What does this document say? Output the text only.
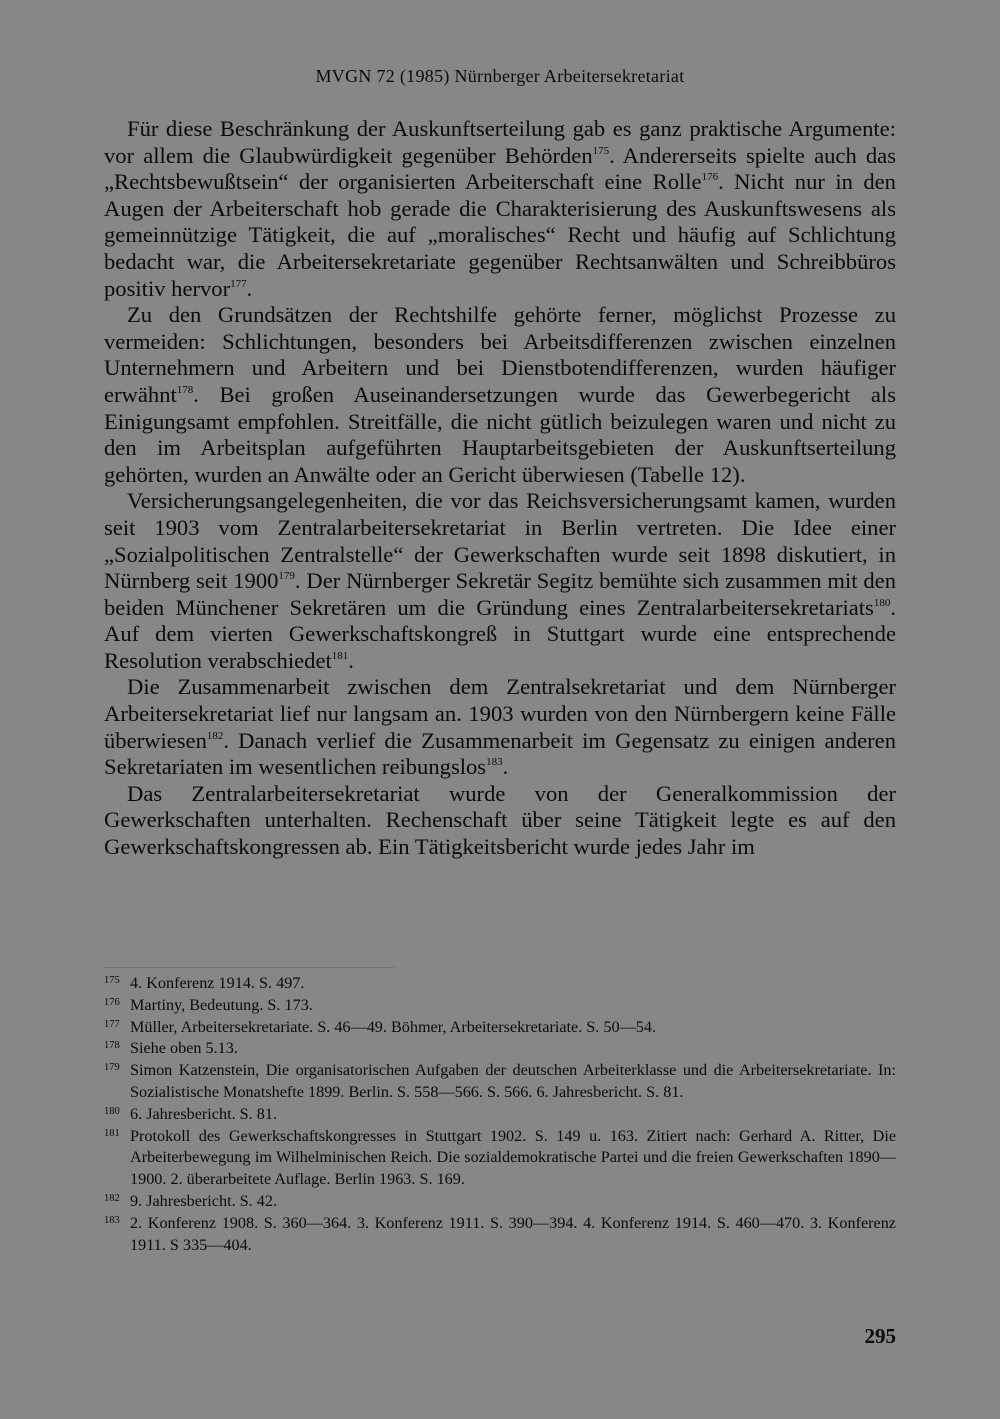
MVGN 72 (1985) Nürnberger Arbeitersekretariat

Für diese Beschränkung der Auskunftserteilung gab es ganz praktische Argumente: vor allem die Glaubwürdigkeit gegenüber Behörden$^{175}$. Andererseits spielte auch das „Rechtsbewußtsein“ der organisierten Arbeiterschaft eine Rolle$^{176}$. Nicht nur in den Augen der Arbeiterschaft hob gerade die Charakterisierung des Auskunftswesens als gemeinnützige Tätigkeit, die auf „moralisches“ Recht und häufig auf Schlichtung bedacht war, die Arbeitersekretariate gegenüber Rechtsanwälten und Schreibbüros positiv hervor$^{177}$.

Zu den Grundsätzen der Rechtshilfe gehörte ferner, möglichst Prozesse zu vermeiden: Schlichtungen, besonders bei Arbeitsdifferenzen zwischen einzelnen Unternehmern und Arbeitern und bei Dienstbotendifferenzen, wurden häufiger erwähnt$^{178}$. Bei großen Auseinandersetzungen wurde das Gewerbegericht als Einigungsamt empfohlen. Streitfälle, die nicht gütlich beizulegen waren und nicht zu den im Arbeitsplan aufgeführten Hauptarbeitsgebieten der Auskunftserteilung gehörten, wurden an Anwälte oder an Gericht überwiesen (Tabelle 12).

Versicherungsangelegenheiten, die vor das Reichsversicherungsamt kamen, wurden seit 1903 vom Zentralarbeitersekretariat in Berlin vertreten. Die Idee einer „Sozialpolitischen Zentralstelle“ der Gewerkschaften wurde seit 1898 diskutiert, in Nürnberg seit 1900$^{179}$. Der Nürnberger Sekretär Segitz bemühte sich zusammen mit den beiden Münchener Sekretären um die Gründung eines Zentralarbeitersekretariats$^{180}$. Auf dem vierten Gewerkschaftskongreß in Stuttgart wurde eine entsprechende Resolution verabschiedet$^{181}$.

Die Zusammenarbeit zwischen dem Zentralsekretariat und dem Nürnberger Arbeitersekretariat lief nur langsam an. 1903 wurden von den Nürnbergern keine Fälle überwiesen$^{182}$. Danach verlief die Zusammenarbeit im Gegensatz zu einigen anderen Sekretariaten im wesentlichen reibungslos$^{183}$.

Das Zentralarbeitersekretariat wurde von der Generalkommission der Gewerkschaften unterhalten. Rechenschaft über seine Tätigkeit legte es auf den Gewerkschaftskongressen ab. Ein Tätigkeitsbericht wurde jedes Jahr im

175 4. Konferenz 1914. S. 497.
176 Martiny, Bedeutung. S. 173.
177 Müller, Arbeitersekretariate. S. 46—49. Böhmer, Arbeitersekretariate. S. 50—54.
178 Siehe oben 5.13.
179 Simon Katzenstein, Die organisatorischen Aufgaben der deutschen Arbeiterklasse und die Arbeitersekretariate. In: Sozialistische Monatshefte 1899. Berlin. S. 558—566. S. 566. 6. Jahresbericht. S. 81.
180 6. Jahresbericht. S. 81.
181 Protokoll des Gewerkschaftskongresses in Stuttgart 1902. S. 149 u. 163. Zitiert nach: Gerhard A. Ritter, Die Arbeiterbewegung im Wilhelminischen Reich. Die sozialdemokratische Partei und die freien Gewerkschaften 1890—1900. 2. überarbeitete Auflage. Berlin 1963. S. 169.
182 9. Jahresbericht. S. 42.
183 2. Konferenz 1908. S. 360—364. 3. Konferenz 1911. S. 390—394. 4. Konferenz 1914. S. 460—470. 3. Konferenz 1911. S 335—404.
295
